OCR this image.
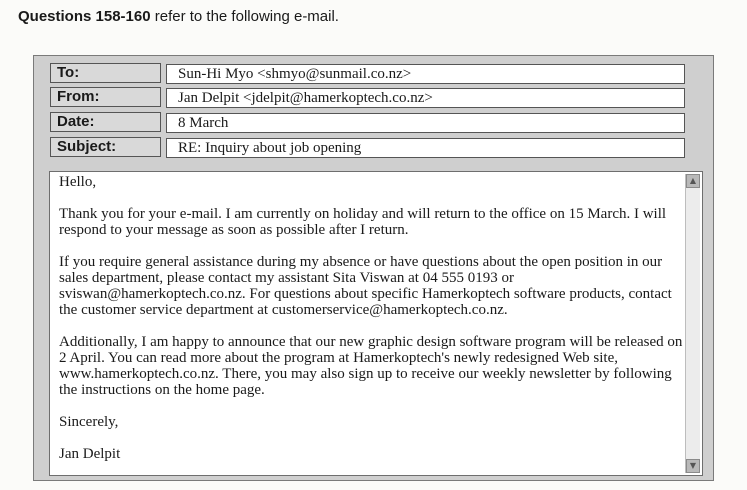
Questions 158-160 refer to the following e-mail.
To:	Sun-Hi Myo <shmyo@sunmail.co.nz>
From:	Jan Delpit <jdelpit@hamerkoptech.co.nz>
Date:	8 March
Subject:	RE: Inquiry about job opening

Hello,

Thank you for your e-mail. I am currently on holiday and will return to the office on 15 March. I will respond to your message as soon as possible after I return.

If you require general assistance during my absence or have questions about the open position in our sales department, please contact my assistant Sita Viswan at 04 555 0193 or sviswan@hamerkoptech.co.nz. For questions about specific Hamerkoptech software products, contact the customer service department at customerservice@hamerkoptech.co.nz.

Additionally, I am happy to announce that our new graphic design software program will be released on 2 April. You can read more about the program at Hamerkoptech's newly redesigned Web site, www.hamerkoptech.co.nz. There, you may also sign up to receive our weekly newsletter by following the instructions on the home page.

Sincerely,

Jan Delpit

▲
▼
